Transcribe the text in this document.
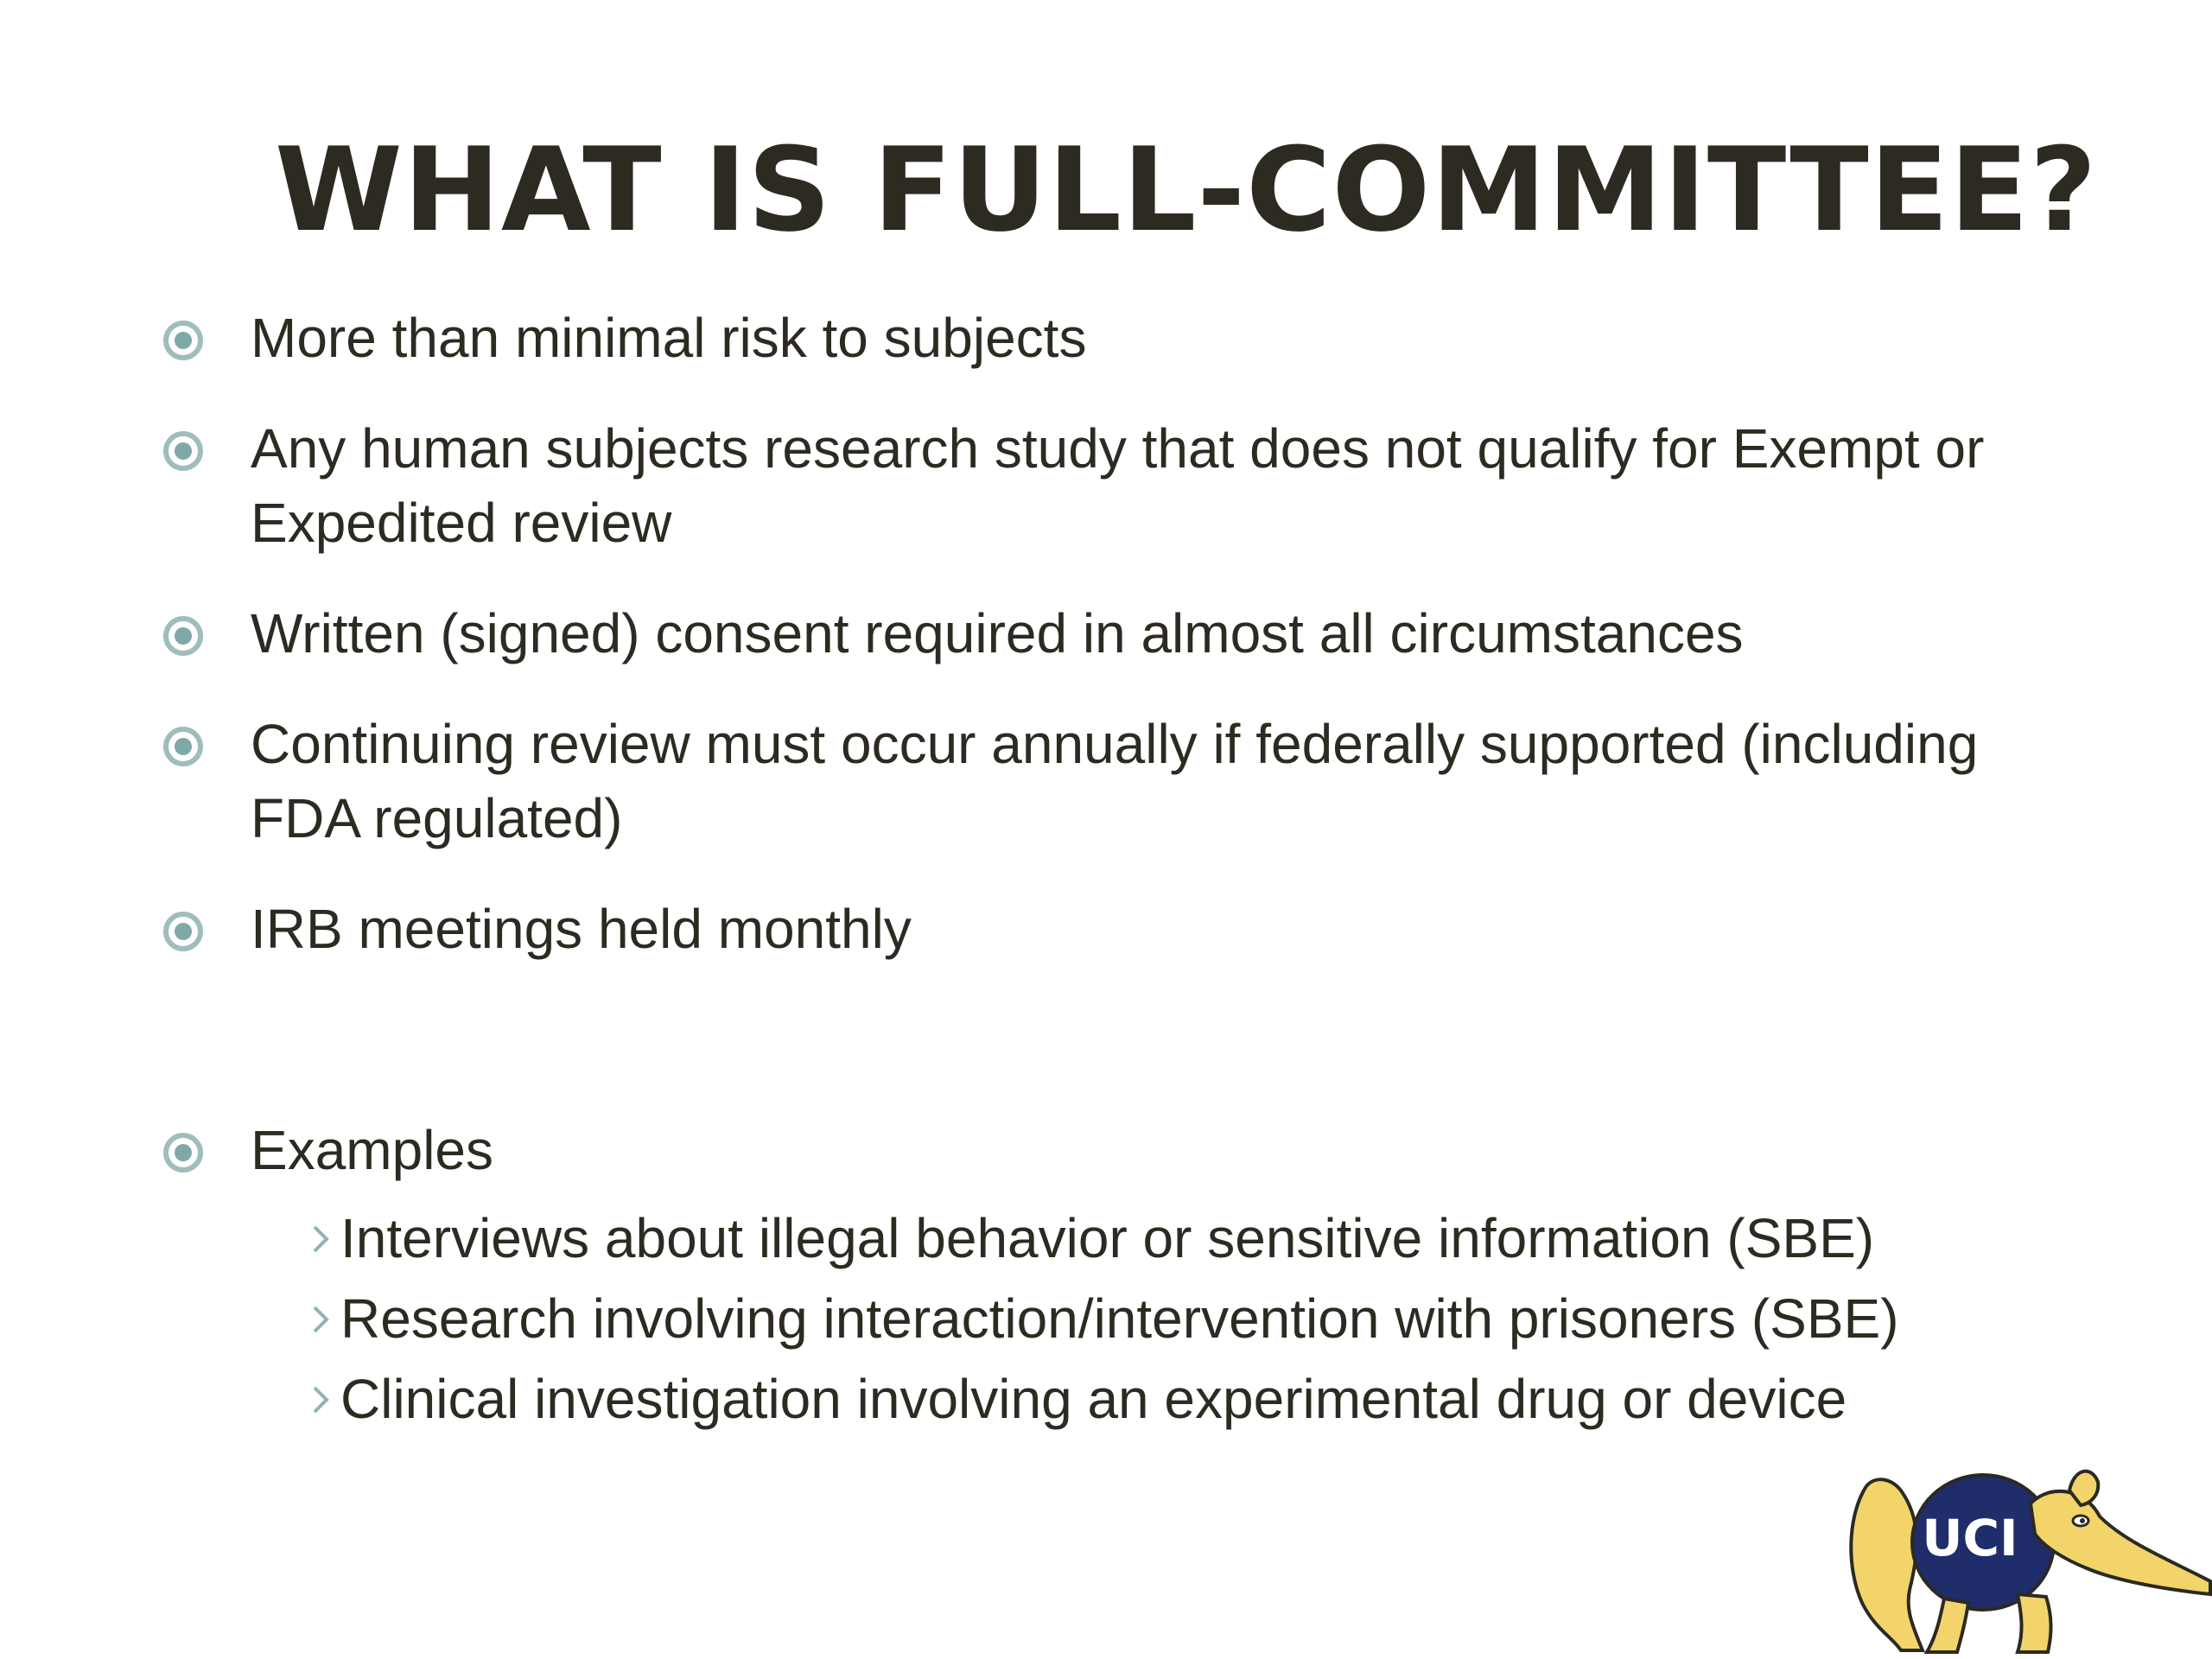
WHAT IS FULL-COMMITTEE?

More than minimal risk to subjects

Any human subjects research study that does not qualify for Exempt or Expedited review

Written (signed) consent required in almost all circumstances

Continuing review must occur annually if federally supported (including FDA regulated)

IRB meetings held monthly

Examples

Interviews about illegal behavior or sensitive information (SBE)
Research involving interaction/intervention with prisoners (SBE)
Clinical investigation involving an experimental drug or device
UCI
